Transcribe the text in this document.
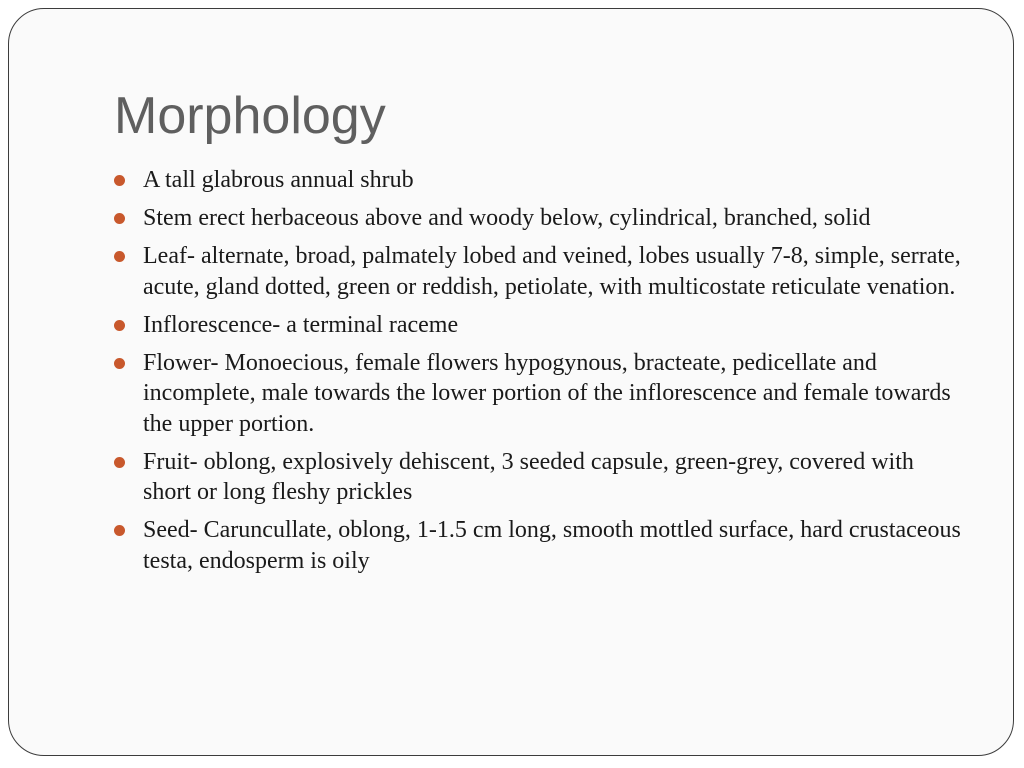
Morphology
A tall glabrous annual shrub
Stem erect herbaceous above and woody below, cylindrical, branched, solid
Leaf- alternate, broad, palmately lobed and veined, lobes usually 7-8, simple, serrate, acute, gland dotted, green or reddish, petiolate, with multicostate reticulate venation.
Inflorescence- a terminal raceme
Flower- Monoecious, female flowers hypogynous, bracteate, pedicellate and incomplete, male towards the lower portion of the inflorescence and female towards the upper portion.
Fruit- oblong, explosively dehiscent, 3 seeded capsule, green-grey, covered with short or long fleshy prickles
Seed- Caruncullate, oblong, 1-1.5 cm long, smooth mottled surface, hard crustaceous testa, endosperm is oily
